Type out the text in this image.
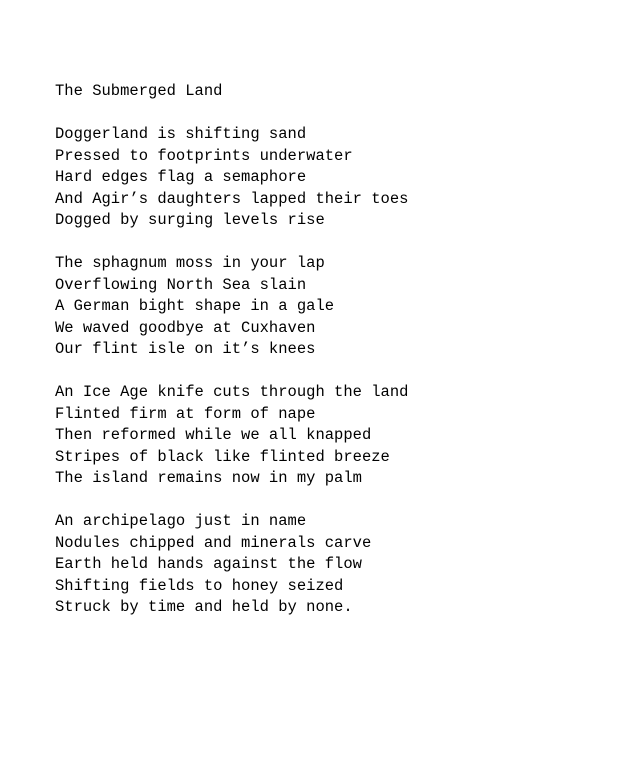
The Submerged Land
Doggerland is shifting sand
Pressed to footprints underwater
Hard edges flag a semaphore
And Agir’s daughters lapped their toes
Dogged by surging levels rise
The sphagnum moss in your lap
Overflowing North Sea slain
A German bight shape in a gale
We waved goodbye at Cuxhaven
Our flint isle on it’s knees
An Ice Age knife cuts through the land
Flinted firm at form of nape
Then reformed while we all knapped
Stripes of black like flinted breeze
The island remains now in my palm
An archipelago just in name
Nodules chipped and minerals carve
Earth held hands against the flow
Shifting fields to honey seized
Struck by time and held by none.
